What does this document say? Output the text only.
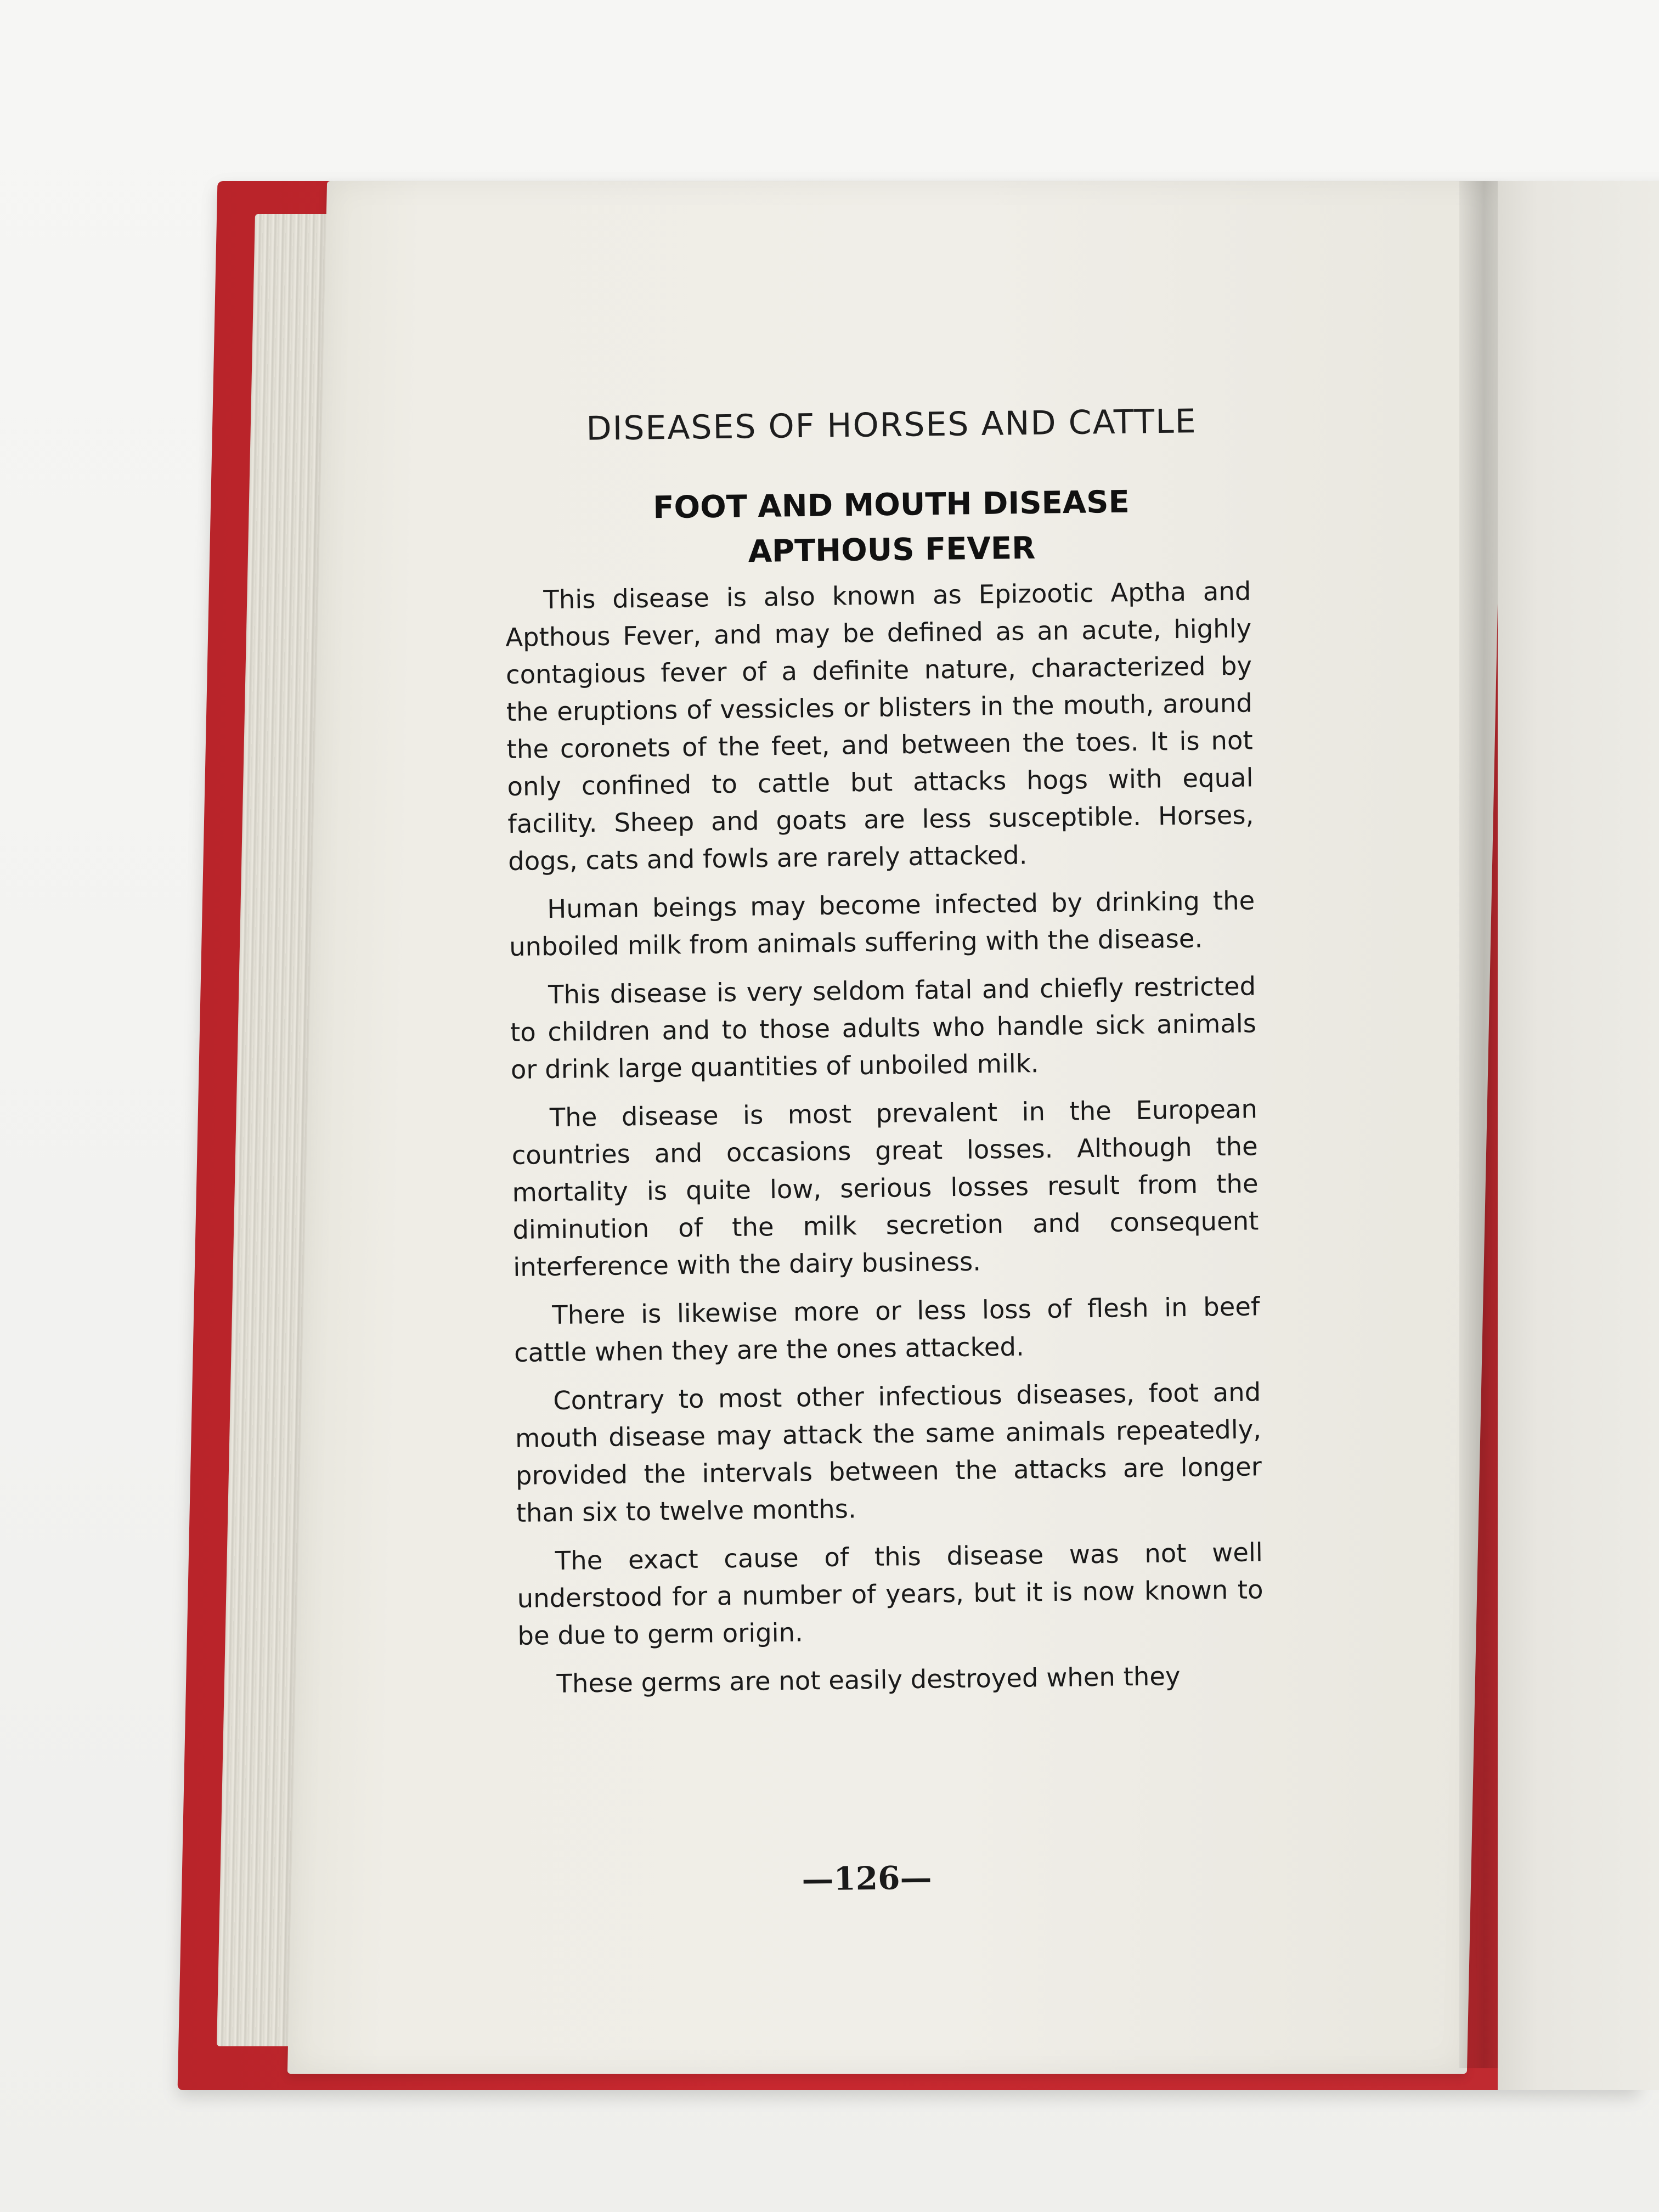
DISEASES OF HORSES AND CATTLE
FOOT AND MOUTH DISEASE
APTHOUS FEVER

This disease is also known as Epizootic Aptha and Apthous Fever, and may be defined as an acute, highly contagious fever of a definite nature, characterized by the eruptions of vessicles or blisters in the mouth, around the coronets of the feet, and between the toes. It is not only confined to cattle but attacks hogs with equal facility. Sheep and goats are less susceptible. Horses, dogs, cats and fowls are rarely attacked.

Human beings may become infected by drinking the unboiled milk from animals suffering with the disease.

This disease is very seldom fatal and chiefly restricted to children and to those adults who handle sick animals or drink large quantities of unboiled milk.

The disease is most prevalent in the European countries and occasions great losses. Although the mortality is quite low, serious losses result from the diminution of the milk secretion and consequent interference with the dairy business.

There is likewise more or less loss of flesh in beef cattle when they are the ones attacked.

Contrary to most other infectious diseases, foot and mouth disease may attack the same animals repeatedly, provided the intervals between the attacks are longer than six to twelve months.

The exact cause of this disease was not well understood for a number of years, but it is now known to be due to germ origin.

These germs are not easily destroyed when they

—126—
